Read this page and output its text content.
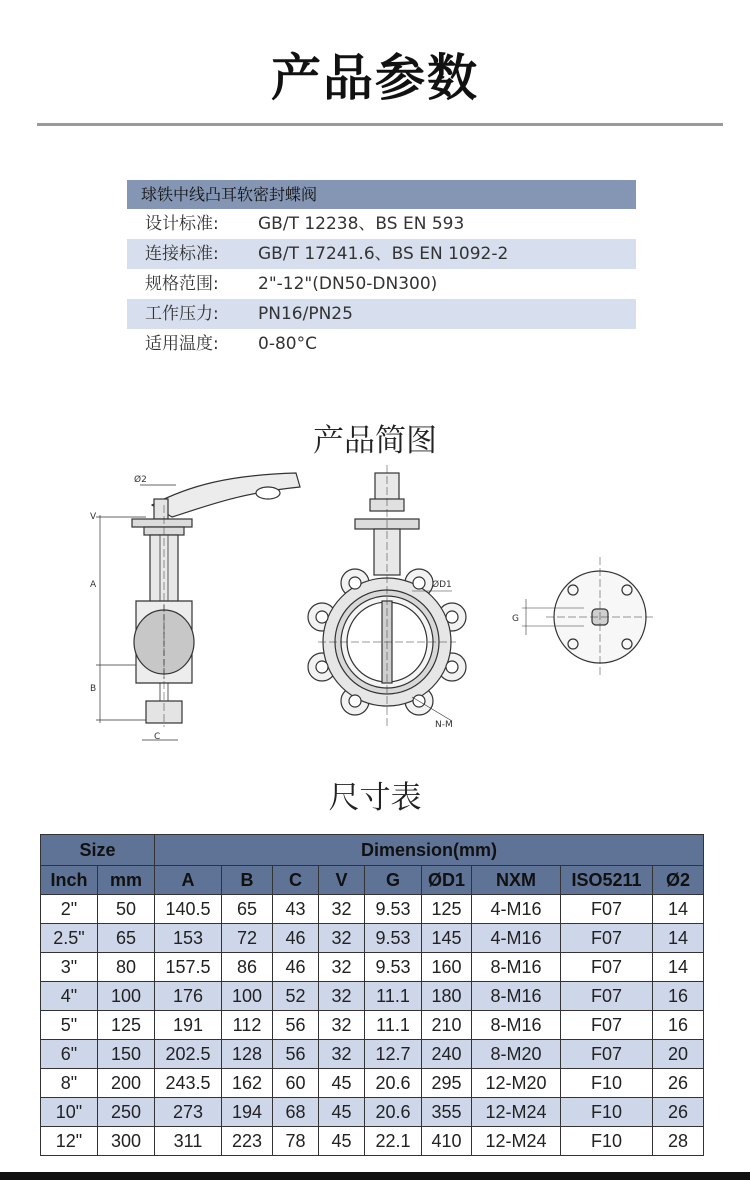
产品参数
球铁中线凸耳软密封蝶阀
设计标准: GB/T 12238、BS EN 593
连接标准: GB/T 17241.6、BS EN 1092-2
规格范围: 2"-12"(DN50-DN300)
工作压力: PN16/PN25
适用温度: 0-80°C
产品简图
Ø2
V
A
B
C
ØD1
N-M
G
尺寸表
Size		Dimension(mm)								
Inch	mm	A	B	C	V	G	ØD1	NXM	ISO5211	Ø2
2"	50	140.5	65	43	32	9.53	125	4-M16	F07	14
2.5"	65	153	72	46	32	9.53	145	4-M16	F07	14
3"	80	157.5	86	46	32	9.53	160	8-M16	F07	14
4"	100	176	100	52	32	11.1	180	8-M16	F07	16
5"	125	191	112	56	32	11.1	210	8-M16	F07	16
6"	150	202.5	128	56	32	12.7	240	8-M20	F07	20
8"	200	243.5	162	60	45	20.6	295	12-M20	F10	26
10"	250	273	194	68	45	20.6	355	12-M24	F10	26
12"	300	311	223	78	45	22.1	410	12-M24	F10	28
